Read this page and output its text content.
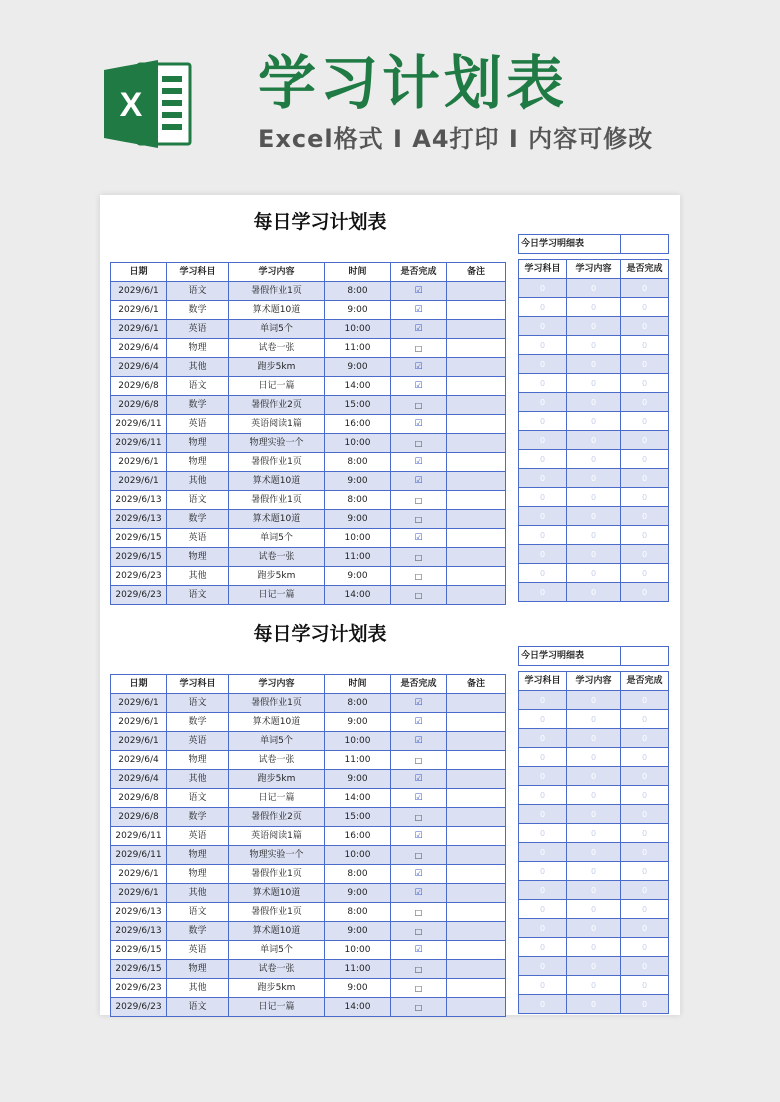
X 学习计划表
Excel格式 I A4打印 I 内容可修改
每日学习计划表
日期	学习科目	学习内容	时间	是否完成	备注
2029/6/1	语文	暑假作业1页	8:00	☑	
2029/6/1	数学	算术题10道	9:00	☑	
2029/6/1	英语	单词5个	10:00	☑	
2029/6/4	物理	试卷一张	11:00	□	
2029/6/4	其他	跑步5km	9:00	☑	
2029/6/8	语文	日记一篇	14:00	☑	
2029/6/8	数学	暑假作业2页	15:00	□	
2029/6/11	英语	英语阅读1篇	16:00	☑	
2029/6/11	物理	物理实验一个	10:00	□	
2029/6/1	物理	暑假作业1页	8:00	☑	
2029/6/1	其他	算术题10道	9:00	☑	
2029/6/13	语文	暑假作业1页	8:00	□	
2029/6/13	数学	算术题10道	9:00	□	
2029/6/15	英语	单词5个	10:00	☑	
2029/6/15	物理	试卷一张	11:00	□	
2029/6/23	其他	跑步5km	9:00	□	
2029/6/23	语文	日记一篇	14:00	□	
今日学习明细表		

学习科目	学习内容	是否完成
0	0	0
0	0	0
0	0	0
0	0	0
0	0	0
0	0	0
0	0	0
0	0	0
0	0	0
0	0	0
0	0	0
0	0	0
0	0	0
0	0	0
0	0	0
0	0	0
0	0	0
每日学习计划表
日期	学习科目	学习内容	时间	是否完成	备注
2029/6/1	语文	暑假作业1页	8:00	☑	
2029/6/1	数学	算术题10道	9:00	☑	
2029/6/1	英语	单词5个	10:00	☑	
2029/6/4	物理	试卷一张	11:00	□	
2029/6/4	其他	跑步5km	9:00	☑	
2029/6/8	语文	日记一篇	14:00	☑	
2029/6/8	数学	暑假作业2页	15:00	□	
2029/6/11	英语	英语阅读1篇	16:00	☑	
2029/6/11	物理	物理实验一个	10:00	□	
2029/6/1	物理	暑假作业1页	8:00	☑	
2029/6/1	其他	算术题10道	9:00	☑	
2029/6/13	语文	暑假作业1页	8:00	□	
2029/6/13	数学	算术题10道	9:00	□	
2029/6/15	英语	单词5个	10:00	☑	
2029/6/15	物理	试卷一张	11:00	□	
2029/6/23	其他	跑步5km	9:00	□	
2029/6/23	语文	日记一篇	14:00	□	
今日学习明细表		

学习科目	学习内容	是否完成
0	0	0
0	0	0
0	0	0
0	0	0
0	0	0
0	0	0
0	0	0
0	0	0
0	0	0
0	0	0
0	0	0
0	0	0
0	0	0
0	0	0
0	0	0
0	0	0
0	0	0
